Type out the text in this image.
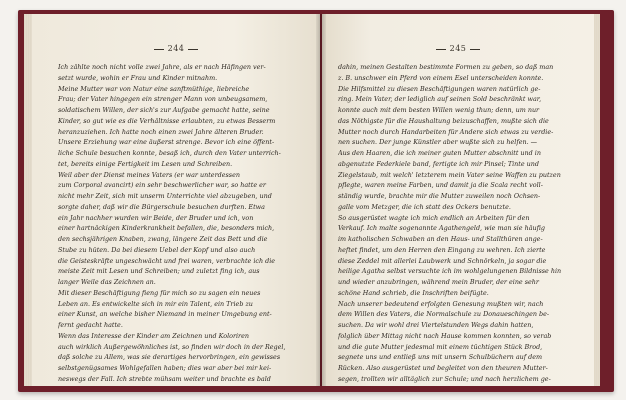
244
Ich zählte noch nicht volle zwei Jahre, als er nach Häfingen ver-
setzt wurde, wohin er Frau und Kinder mitnahm.
Meine Mutter war von Natur eine sanftmüthige, liebreiche
Frau; der Vater hingegen ein strenger Mann von unbeugsamem,
soldatischem Willen, der sich's zur Aufgabe gemacht hatte, seine
Kinder, so gut wie es die Verhältnisse erlaubten, zu etwas Besserm
heranzuziehen. Ich hatte noch einen zwei Jahre älteren Bruder.
Unsere Erziehung war eine äußerst strenge. Bevor ich eine öffent-
liche Schule besuchen konnte, besaß ich, durch den Vater unterrich-
tet, bereits einige Fertigkeit im Lesen und Schreiben.
Weil aber der Dienst meines Vaters (er war unterdessen
zum Corporal avancirt) ein sehr beschwerlicher war, so hatte er
nicht mehr Zeit, sich mit unserm Unterrichte viel abzugeben, und
sorgte daher, daß wir die Bürgerschule besuchen durften. Etwa
ein Jahr nachher wurden wir Beide, der Bruder und ich, von
einer hartnäckigen Kinderkrankheit befallen, die, besonders mich,
den sechsjährigen Knaben, zwang, längere Zeit das Bett und die
Stube zu hüten. Da bei diesem Uebel der Kopf und also auch
die Geisteskräfte ungeschwächt und frei waren, verbrachte ich die
meiste Zeit mit Lesen und Schreiben; und zuletzt fing ich, aus
langer Weile das Zeichnen an.
Mit dieser Beschäftigung fieng für mich so zu sagen ein neues
Leben an. Es entwickelte sich in mir ein Talent, ein Trieb zu
einer Kunst, an welche bisher Niemand in meiner Umgebung ent-
fernt gedacht hatte.
Wenn das Interesse der Kinder am Zeichnen und Koloriren
auch wirklich Außergewöhnliches ist, so finden wir doch in der Regel,
daß solche zu Allem, was sie derartiges hervorbringen, ein gewisses
selbstgenügsames Wohlgefallen haben; dies war aber bei mir kei-
neswegs der Fall. Ich strebte mühsam weiter und brachte es bald
245
dahin, meinen Gestalten bestimmte Formen zu geben, so daß man
z. B. unschwer ein Pferd von einem Esel unterscheiden konnte.
Die Hilfsmittel zu diesen Beschäftigungen waren natürlich ge-
ring. Mein Vater, der lediglich auf seinen Sold beschränkt war,
konnte auch mit dem besten Willen wenig thun; denn, um nur
das Nöthigste für die Haushaltung beizuschaffen, mußte sich die
Mutter noch durch Handarbeiten für Andere sich etwas zu verdie-
nen suchen. Der junge Künstler aber wußte sich zu helfen. —
Aus den Haaren, die ich meiner guten Mutter abschnitt und in
abgenutzte Federkiele band, fertigte ich mir Pinsel; Tinte und
Ziegelstaub, mit welch' letzterem mein Vater seine Waffen zu putzen
pflegte, waren meine Farben, und damit ja die Scala recht voll-
ständig wurde, brachte mir die Mutter zuweilen noch Ochsen-
galle vom Metzger, die ich statt des Ockers benutzte.
So ausgerüstet wagte ich mich endlich an Arbeiten für den
Verkauf. Ich malte sogenannte Agathengeld, wie man sie häufig
im katholischen Schwaben an den Haus- und Stallthüren ange-
heftet findet, um den Herren den Eingang zu wehren. Ich zierte
diese Zeddel mit allerlei Laubwerk und Schnörkeln, ja sogar die
heilige Agatha selbst versuchte ich im wohlgelungenen Bildnisse hin
und wieder anzubringen, während mein Bruder, der eine sehr
schöne Hand schrieb, die Inschriften beifügte.
Nach unserer bedeutend erfolgten Genesung mußten wir, nach
dem Willen des Vaters, die Normalschule zu Donaueschingen be-
suchen. Da wir wohl drei Viertelstunden Wegs dahin hatten,
folglich über Mittag nicht nach Hause kommen konnten, so verab
und die gute Mutter jedesmal mit einem tüchtigen Stück Brod,
segnete uns und entließ uns mit unsern Schulbüchern auf dem
Rücken. Also ausgerüstet und begleitet von den theuren Mutter-
segen, trollten wir alltäglich zur Schule; und nach herzlichem ge-
